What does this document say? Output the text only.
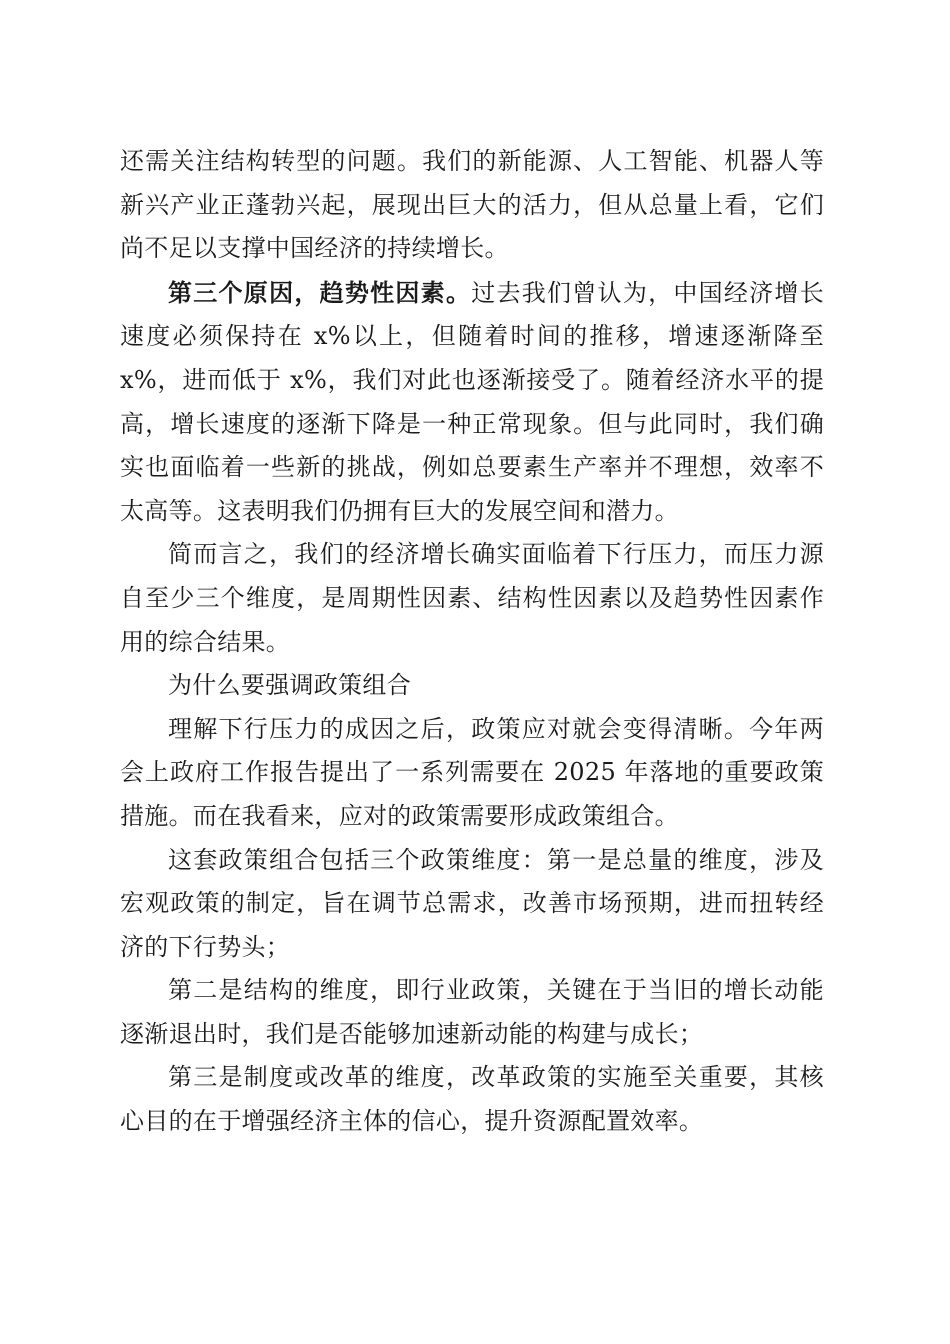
还需关注结构转型的问题。我们的新能源、人工智能、机器人等新兴产业正蓬勃兴起，展现出巨大的活力，但从总量上看，它们尚不足以支撑中国经济的持续增长。

第三个原因，趋势性因素。过去我们曾认为，中国经济增长速度必须保持在 x%以上，但随着时间的推移，增速逐渐降至 x%，进而低于 x%，我们对此也逐渐接受了。随着经济水平的提高，增长速度的逐渐下降是一种正常现象。但与此同时，我们确实也面临着一些新的挑战，例如总要素生产率并不理想，效率不太高等。这表明我们仍拥有巨大的发展空间和潜力。

简而言之，我们的经济增长确实面临着下行压力，而压力源自至少三个维度，是周期性因素、结构性因素以及趋势性因素作用的综合结果。

为什么要强调政策组合

理解下行压力的成因之后，政策应对就会变得清晰。今年两会上政府工作报告提出了一系列需要在 2025 年落地的重要政策措施。而在我看来，应对的政策需要形成政策组合。

这套政策组合包括三个政策维度：第一是总量的维度，涉及宏观政策的制定，旨在调节总需求，改善市场预期，进而扭转经济的下行势头；

第二是结构的维度，即行业政策，关键在于当旧的增长动能逐渐退出时，我们是否能够加速新动能的构建与成长；

第三是制度或改革的维度，改革政策的实施至关重要，其核心目的在于增强经济主体的信心，提升资源配置效率。
